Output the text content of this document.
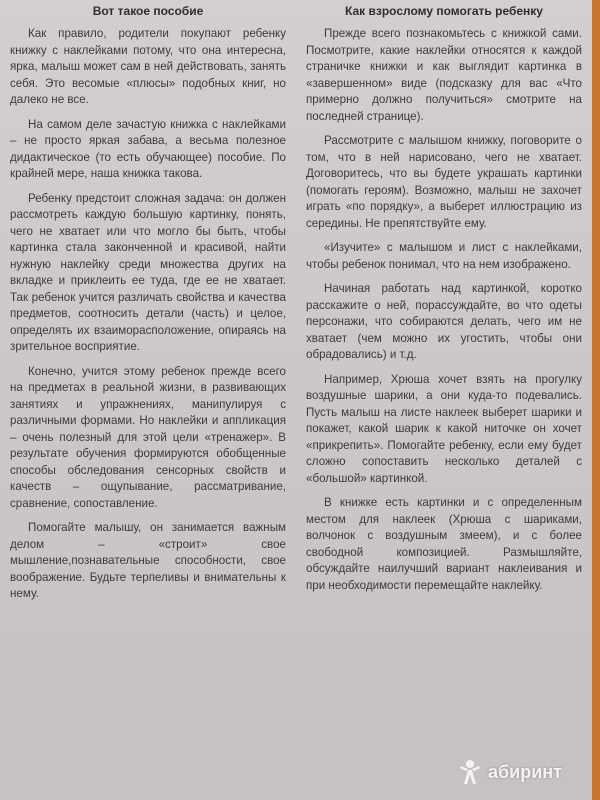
Вот такое пособие

Как правило, родители покупают ребенку книжку с наклейками потому, что она интересна, ярка, малыш может сам в ней действовать, занять себя. Это весомые «плюсы» подобных книг, но далеко не все.

На самом деле зачастую книжка с наклейками – не просто яркая забава, а весьма полезное дидактическое (то есть обучающее) пособие. По крайней мере, наша книжка такова.

Ребенку предстоит сложная задача: он должен рассмотреть каждую большую картинку, понять, чего не хватает или что могло бы быть, чтобы картинка стала законченной и красивой, найти нужную наклейку среди множества других на вкладке и приклеить ее туда, где ее не хватает. Так ребенок учится различать свойства и качества предметов, соотносить детали (часть) и целое, определять их взаиморасположение, опираясь на зрительное восприятие.

Конечно, учится этому ребенок прежде всего на предметах в реальной жизни, в развивающих занятиях и упражнениях, манипулируя с различными формами. Но наклейки и аппликация – очень полезный для этой цели «тренажер». В результате обучения формируются обобщенные способы обследования сенсорных свойств и качеств – ощупывание, рассматривание, сравнение, сопоставление.

Помогайте малышу, он занимается важным делом – «строит» свое мышление,познавательные способности, свое воображение. Будьте терпеливы и внимательны к нему.

Как взрослому помогать ребенку

Прежде всего познакомьтесь с книжкой сами. Посмотрите, какие наклейки относятся к каждой страничке книжки и как выглядит картинка в «завершенном» виде (подсказку для вас «Что примерно должно получиться» смотрите на последней странице).

Рассмотрите с малышом книжку, поговорите о том, что в ней нарисовано, чего не хватает. Договоритесь, что вы будете украшать картинки (помогать героям). Возможно, малыш не захочет играть «по порядку», а выберет иллюстрацию из середины. Не препятствуйте ему.

«Изучите» с малышом и лист с наклейками, чтобы ребенок понимал, что на нем изображено.

Начиная работать над картинкой, коротко расскажите о ней, порассуждайте, во что одеты персонажи, что собираются делать, чего им не хватает (чем можно их угостить, чтобы они обрадовались) и т.д.

Например, Хрюша хочет взять на прогулку воздушные шарики, а они куда-то подевались. Пусть малыш на листе наклеек выберет шарики и покажет, какой шарик к какой ниточке он хочет «прикрепить». Помогайте ребенку, если ему будет сложно сопоставить несколько деталей с «большой» картинкой.

В книжке есть картинки и с определенным местом для наклеек (Хрюша с шариками, волчонок с воздушным змеем), и с более свободной композицией. Размышляйте, обсуждайте наилучший вариант наклеивания и при необходимости перемещайте наклейку.

абиринт
